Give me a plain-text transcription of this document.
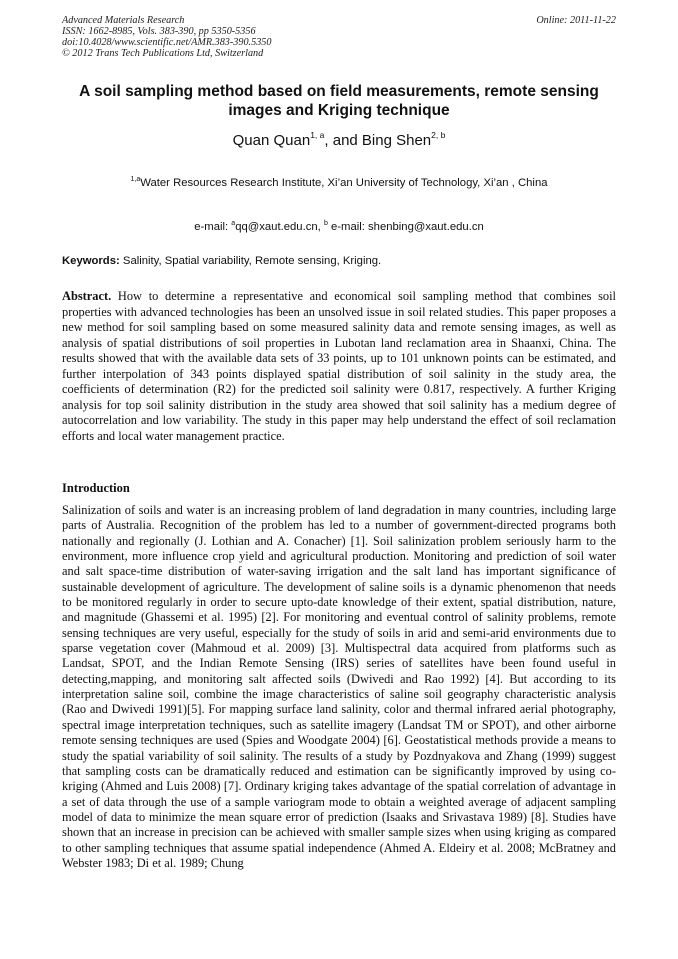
Advanced Materials Research
ISSN: 1662-8985, Vols. 383-390, pp 5350-5356
doi:10.4028/www.scientific.net/AMR.383-390.5350
© 2012 Trans Tech Publications Ltd, Switzerland
Online: 2011-11-22
A soil sampling method based on field measurements, remote sensing images and Kriging technique
Quan Quan$^{1, a}$, and Bing Shen$^{2, b}$
$^{1,a}$Water Resources Research Institute, Xi’an University of Technology, Xi’an , China
e-mail: $^a$qq@xaut.edu.cn, $^b$ e-mail: shenbing@xaut.edu.cn
Keywords: Salinity, Spatial variability, Remote sensing, Kriging.

Abstract. How to determine a representative and economical soil sampling method that combines soil properties with advanced technologies has been an unsolved issue in soil related studies. This paper proposes a new method for soil sampling based on some measured salinity data and remote sensing images, as well as analysis of spatial distributions of soil properties in Lubotan land reclamation area in Shaanxi, China. The results showed that with the available data sets of 33 points, up to 101 unknown points can be estimated, and further interpolation of 343 points displayed spatial distribution of soil salinity in the study area, the coefficients of determination (R2) for the predicted soil salinity were 0.817, respectively. A further Kriging analysis for top soil salinity distribution in the study area showed that soil salinity has a medium degree of autocorrelation and low variability. The study in this paper may help understand the effect of soil reclamation efforts and local water management practice.

Introduction

Salinization of soils and water is an increasing problem of land degradation in many countries, including large parts of Australia. Recognition of the problem has led to a number of government-directed programs both nationally and regionally (J. Lothian and A. Conacher) [1]. Soil salinization problem seriously harm to the environment, more influence crop yield and agricultural production. Monitoring and prediction of soil water and salt space-time distribution of water-saving irrigation and the salt land has important significance of sustainable development of agriculture. The development of saline soils is a dynamic phenomenon that needs to be monitored regularly in order to secure upto-date knowledge of their extent, spatial distribution, nature, and magnitude (Ghassemi et al. 1995) [2]. For monitoring and eventual control of salinity problems, remote sensing techniques are very useful, especially for the study of soils in arid and semi-arid environments due to sparse vegetation cover (Mahmoud et al. 2009) [3]. Multispectral data acquired from platforms such as Landsat, SPOT, and the Indian Remote Sensing (IRS) series of satellites have been found useful in detecting,mapping, and monitoring salt affected soils (Dwivedi and Rao 1992) [4]. But according to its interpretation saline soil, combine the image characteristics of saline soil geography characteristic analysis (Rao and Dwivedi 1991)[5]. For mapping surface land salinity, color and thermal infrared aerial photography, spectral image interpretation techniques, such as satellite imagery (Landsat TM or SPOT), and other airborne remote sensing techniques are used (Spies and Woodgate 2004) [6]. Geostatistical methods provide a means to study the spatial variability of soil salinity. The results of a study by Pozdnyakova and Zhang (1999) suggest that sampling costs can be dramatically reduced and estimation can be significantly improved by using co-kriging (Ahmed and Luis 2008) [7]. Ordinary kriging takes advantage of the spatial correlation of advantage in a set of data through the use of a sample variogram mode to obtain a weighted average of adjacent sampling model of data to minimize the mean square error of prediction (Isaaks and Srivastava 1989) [8]. Studies have shown that an increase in precision can be achieved with smaller sample sizes when using kriging as compared to other sampling techniques that assume spatial independence (Ahmed A. Eldeiry et al. 2008; McBratney and Webster 1983; Di et al. 1989; Chung
